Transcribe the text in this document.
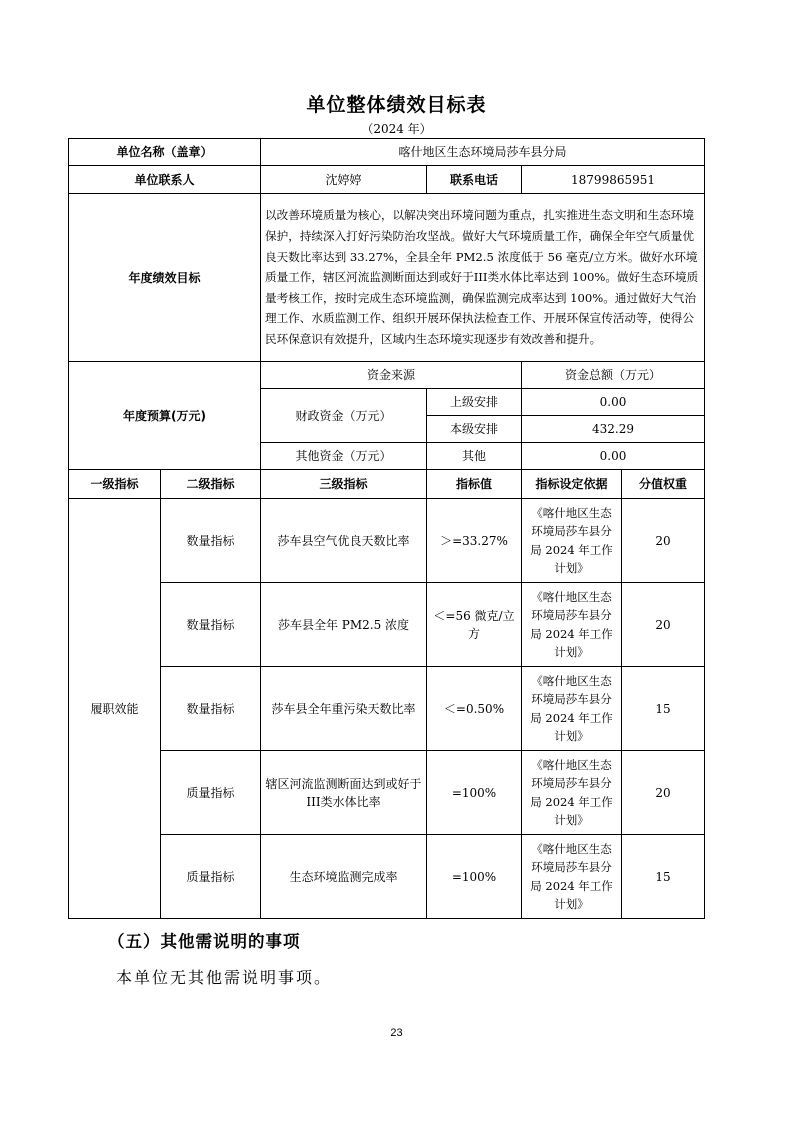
单位整体绩效目标表
（2024 年）
单位名称（盖章）		喀什地区生态环境局莎车县分局			
单位联系人		沈婷婷	联系电话	18799865951	
年度绩效目标		以改善环境质量为核心，以解决突出环境问题为重点，扎实推进生态文明和生态环境保护，持续深入打好污染防治攻坚战。做好大气环境质量工作，确保全年空气质量优良天数比率达到 33.27%，全县全年 PM2.5 浓度低于 56 毫克/立方米。做好水环境质量工作，辖区河流监测断面达到或好于III类水体比率达到 100%。做好生态环境质量考核工作，按时完成生态环境监测，确保监测完成率达到 100%。通过做好大气治理工作、水质监测工作、组织开展环保执法检查工作、开展环保宣传活动等，使得公民环保意识有效提升，区域内生态环境实现逐步有效改善和提升。			
年度预算(万元)		资金来源		资金总额（万元）	
		财政资金（万元）	上级安排	0.00	
			本级安排	432.29	
		其他资金（万元）	其他	0.00	
一级指标	二级指标	三级指标	指标值	指标设定依据	分值权重
履职效能	数量指标	莎车县空气优良天数比率	＞=33.27%	《喀什地区生态环境局莎车县分局 2024 年工作计划》	20
	数量指标	莎车县全年 PM2.5 浓度	＜=56 微克/立方	《喀什地区生态环境局莎车县分局 2024 年工作计划》	20
	数量指标	莎车县全年重污染天数比率	＜=0.50%	《喀什地区生态环境局莎车县分局 2024 年工作计划》	15
	质量指标	辖区河流监测断面达到或好于III类水体比率	=100%	《喀什地区生态环境局莎车县分局 2024 年工作计划》	20
	质量指标	生态环境监测完成率	=100%	《喀什地区生态环境局莎车县分局 2024 年工作计划》	15
（五）其他需说明的事项
本单位无其他需说明事项。
23
